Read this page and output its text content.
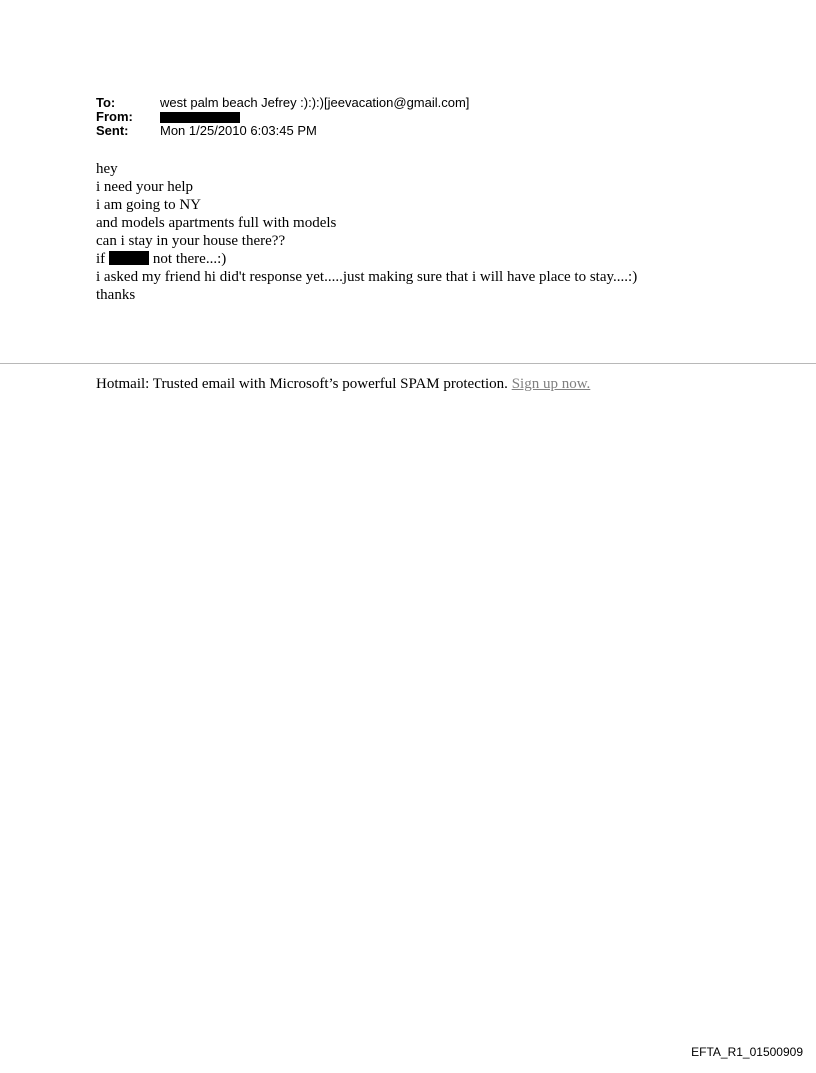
To:	west palm beach Jefrey :):):)[jeevacation@gmail.com]
From:
Sent:	Mon 1/25/2010 6:03:45 PM
hey
i need your help
i am going to NY
and models apartments full with models
can i stay in your house there??
if	not there...:)
i asked my friend hi did't response yet.....just making sure that i will have place to stay....:)
thanks
Hotmail: Trusted email with Microsoft’s powerful SPAM protection. Sign up now.
EFTA_R1_01500909
